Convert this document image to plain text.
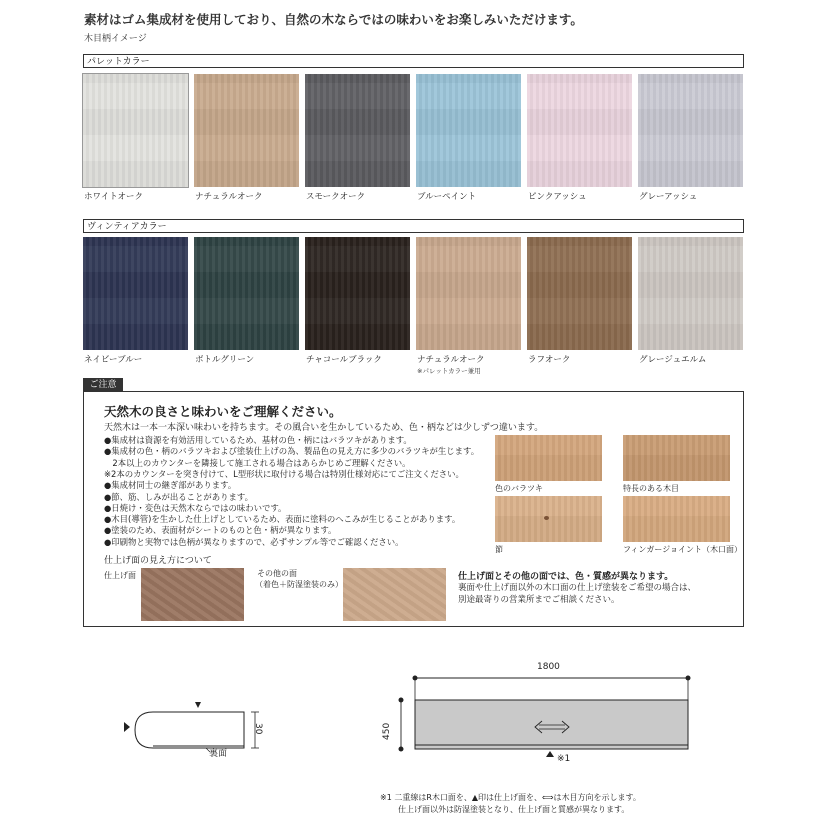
素材はゴム集成材を使用しており、自然の木ならではの味わいをお楽しみいただけます。
木目柄イメージ
パレットカラー
ホワイトオーク	ナチュラルオーク	スモークオーク	ブルーペイント	ピンクアッシュ	グレーアッシュ
ヴィンティアカラー
ネイビーブルー	ボトルグリーン	チャコールブラック	ナチュラルオーク
※パレットカラー兼用
ラフオーク	グレージュエルム
ご注意
天然木の良さと味わいをご理解ください。
天然木は一本一本深い味わいを持ちます。その風合いを生かしているため、色・柄などは少しずつ違います。
●集成材は資源を有効活用しているため、基材の色・柄にはバラツキがあります。
●集成材の色・柄のバラツキおよび塗装仕上げの為、製品色の見え方に多少のバラツキが生じます。
　2本以上のカウンターを隣接して施工される場合はあらかじめご理解ください。
※2本のカウンターを突き付けて、L型形状に取付ける場合は特別仕様対応にてご注文ください。
●集成材同士の継ぎ部があります。
●節、筋、しみが出ることがあります。
●日焼け・変色は天然木ならではの味わいです。
●木目(導管)を生かした仕上げとしているため、表面に塗料のへこみが生じることがあります。
●塗装のため、表面材がシートのものと色・柄が異なります。
●印刷物と実物では色柄が異なりますので、必ずサンプル等でご確認ください。
色のバラツキ	特長のある木目
節	フィンガージョイント（木口面）
仕上げ面の見え方について
仕上げ面	その他の面
（着色＋防湿塗装のみ）
仕上げ面とその他の面では、色・質感が異なります。
裏面や仕上げ面以外の木口面の仕上げ塗装をご希望の場合は、
別途最寄りの営業所までご相談ください。
裏面
30
1800
450
※1
※1 二重線はR木口面を、▲印は仕上げ面を、⟺は木目方向を示します。
仕上げ面以外は防湿塗装となり、仕上げ面と質感が異なります。
